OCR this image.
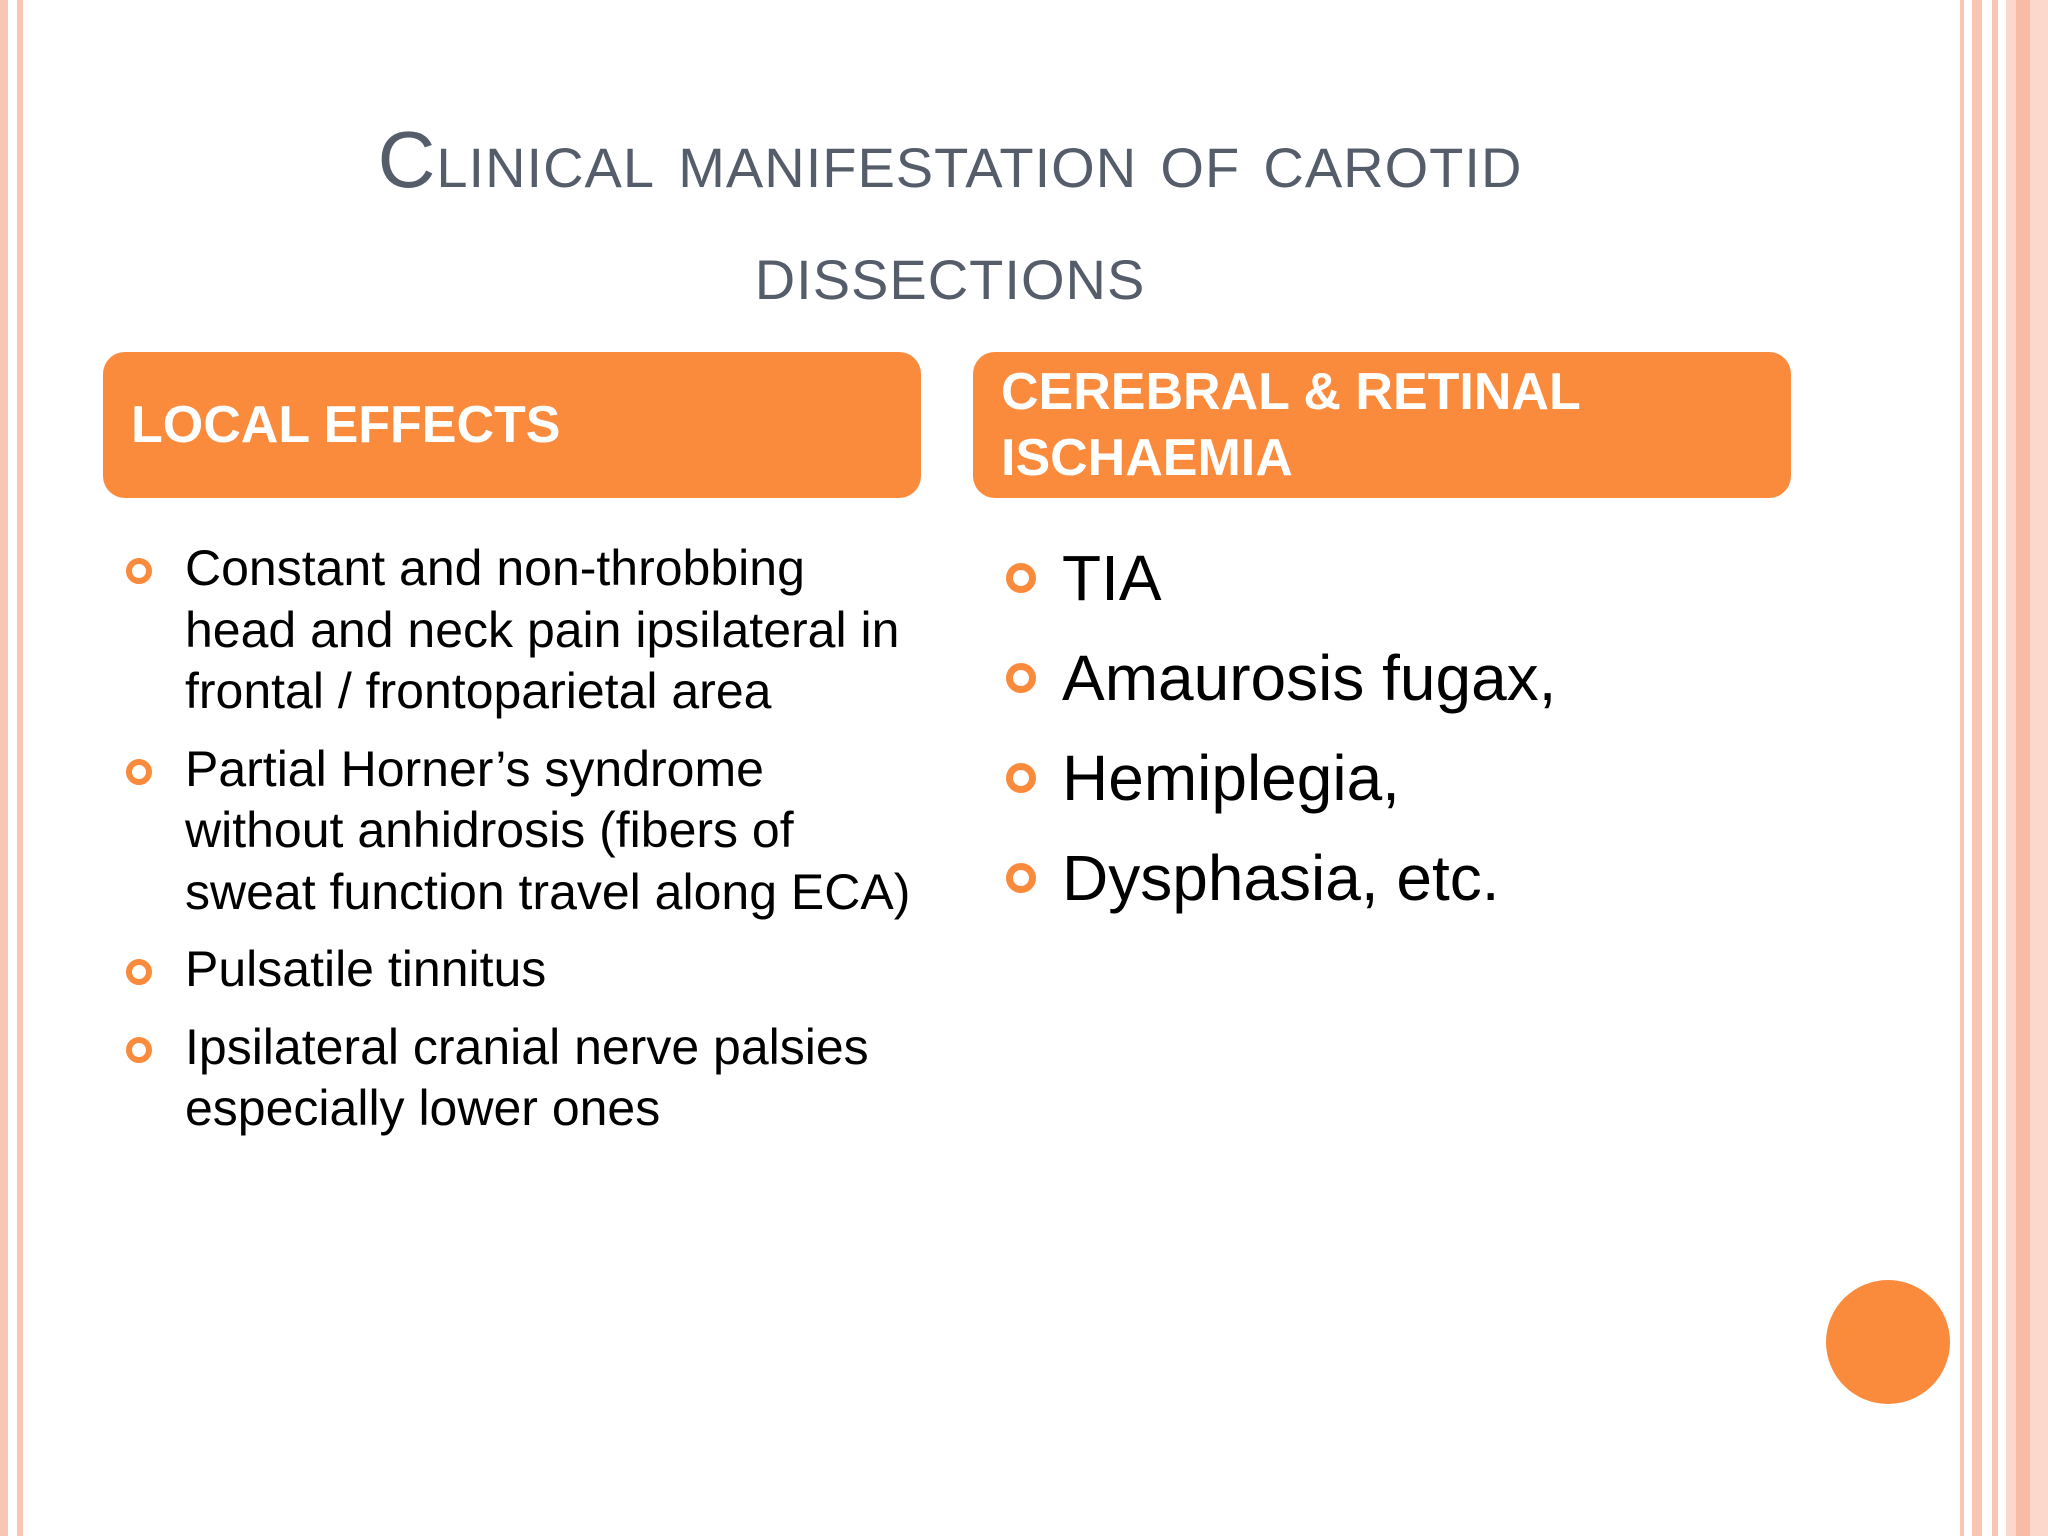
Clinical manifestation of carotid
dissections
LOCAL EFFECTS
CEREBRAL & RETINAL ISCHAEMIA
Constant and non-throbbing head and neck pain ipsilateral in frontal / frontoparietal area
Partial Horner’s syndrome without anhidrosis (fibers of sweat function travel along ECA)
Pulsatile tinnitus
Ipsilateral cranial nerve palsies especially lower ones
TIA
Amaurosis fugax,
Hemiplegia,
Dysphasia, etc.
